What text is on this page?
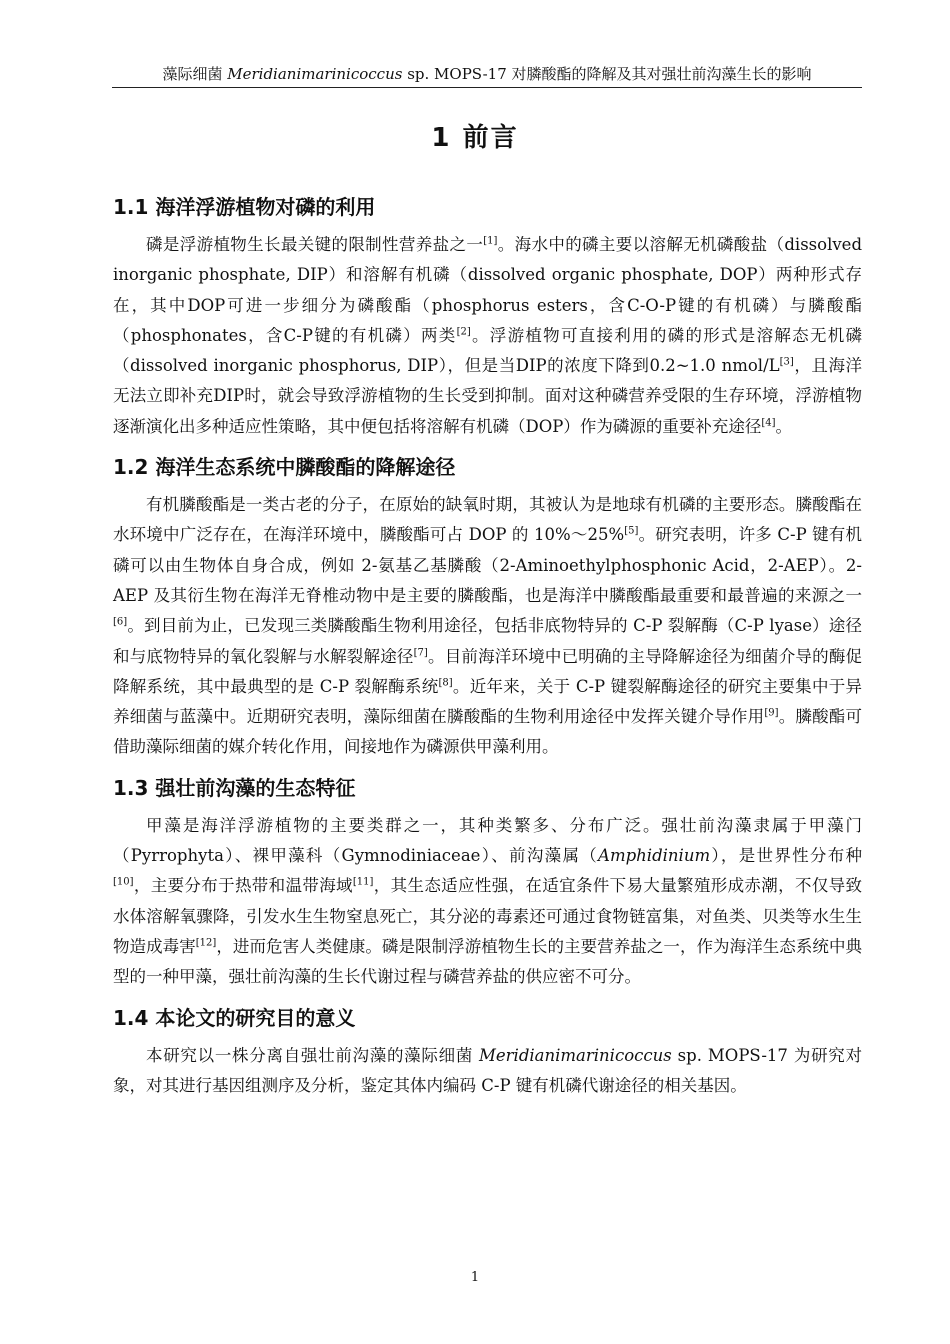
藻际细菌 Meridianimarinicoccus sp. MOPS-17 对膦酸酯的降解及其对强壮前沟藻生长的影响
1 前言
1.1 海洋浮游植物对磷的利用

磷是浮游植物生长最关键的限制性营养盐之一[1]。海水中的磷主要以溶解无机磷酸盐（dissolved inorganic phosphate, DIP）和溶解有机磷（dissolved organic phosphate, DOP）两种形式存在，其中DOP可进一步细分为磷酸酯（phosphorus esters，含C-O-P键的有机磷）与膦酸酯（phosphonates，含C-P键的有机磷）两类[2]。浮游植物可直接利用的磷的形式是溶解态无机磷（dissolved inorganic phosphorus, DIP），但是当DIP的浓度下降到0.2~1.0 nmol/L[3]，且海洋无法立即补充DIP时，就会导致浮游植物的生长受到抑制。面对这种磷营养受限的生存环境，浮游植物逐渐演化出多种适应性策略，其中便包括将溶解有机磷（DOP）作为磷源的重要补充途径[4]。

1.2 海洋生态系统中膦酸酯的降解途径

有机膦酸酯是一类古老的分子，在原始的缺氧时期，其被认为是地球有机磷的主要形态。膦酸酯在水环境中广泛存在，在海洋环境中，膦酸酯可占 DOP 的 10%～25%[5]。研究表明，许多 C-P 键有机磷可以由生物体自身合成，例如 2-氨基乙基膦酸（2-Aminoethylphosphonic Acid，2-AEP）。2-AEP 及其衍生物在海洋无脊椎动物中是主要的膦酸酯，也是海洋中膦酸酯最重要和最普遍的来源之一[6]。到目前为止，已发现三类膦酸酯生物利用途径，包括非底物特异的 C-P 裂解酶（C-P lyase）途径和与底物特异的氧化裂解与水解裂解途径[7]。目前海洋环境中已明确的主导降解途径为细菌介导的酶促降解系统，其中最典型的是 C-P 裂解酶系统[8]。近年来，关于 C-P 键裂解酶途径的研究主要集中于异养细菌与蓝藻中。近期研究表明，藻际细菌在膦酸酯的生物利用途径中发挥关键介导作用[9]。膦酸酯可借助藻际细菌的媒介转化作用，间接地作为磷源供甲藻利用。

1.3 强壮前沟藻的生态特征

甲藻是海洋浮游植物的主要类群之一，其种类繁多、分布广泛。强壮前沟藻隶属于甲藻门（Pyrrophyta）、裸甲藻科（Gymnodiniaceae）、前沟藻属（Amphidinium），是世界性分布种[10]，主要分布于热带和温带海域[11]，其生态适应性强，在适宜条件下易大量繁殖形成赤潮，不仅导致水体溶解氧骤降，引发水生生物窒息死亡，其分泌的毒素还可通过食物链富集，对鱼类、贝类等水生生物造成毒害[12]，进而危害人类健康。磷是限制浮游植物生长的主要营养盐之一，作为海洋生态系统中典型的一种甲藻，强壮前沟藻的生长代谢过程与磷营养盐的供应密不可分。

1.4 本论文的研究目的意义

本研究以一株分离自强壮前沟藻的藻际细菌 Meridianimarinicoccus sp. MOPS-17 为研究对象，对其进行基因组测序及分析，鉴定其体内编码 C-P 键有机磷代谢途径的相关基因。

1
